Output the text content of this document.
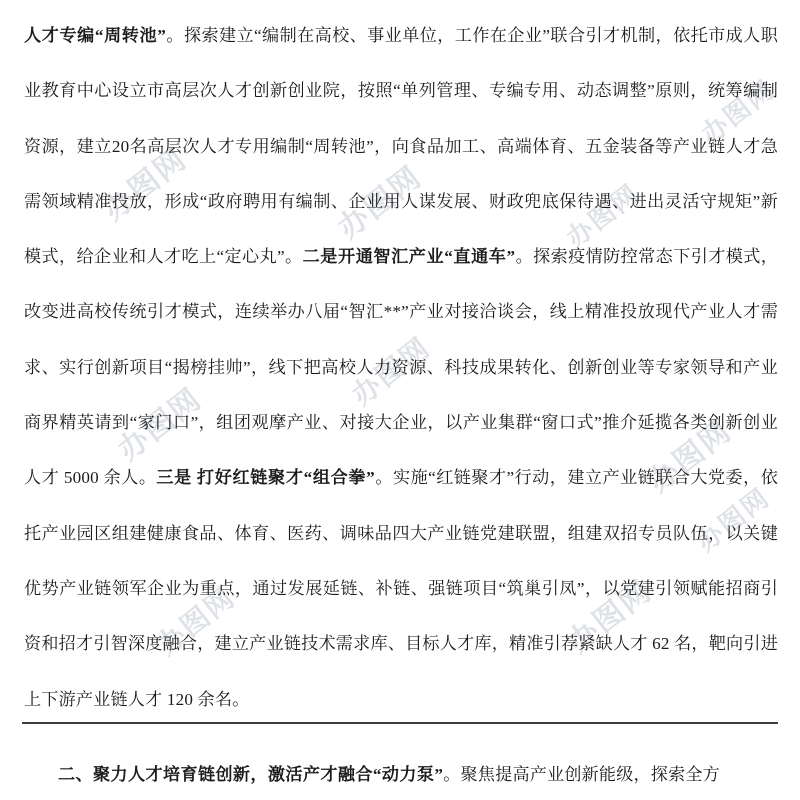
办图网	办图网	办图网
办图网
办图网
办图网
办图网
办图网	办图网
办图网

人才专编“周转池”。探索建立“编制在高校、事业单位，工作在企业”联合引才机制，依托市成人职业教育中心设立市高层次人才创新创业院，按照“单列管理、专编专用、动态调整”原则，统筹编制资源，建立20名高层次人才专用编制“周转池”，向食品加工、高端体育、五金装备等产业链人才急需领域精准投放，形成“政府聘用有编制、企业用人谋发展、财政兜底保待遇、进出灵活守规矩”新模式，给企业和人才吃上“定心丸”。二是开通智汇产业“直通车”。探索疫情防控常态下引才模式，改变进高校传统引才模式，连续举办八届“智汇**”产业对接洽谈会，线上精准投放现代产业人才需求、实行创新项目“揭榜挂帅”，线下把高校人力资源、科技成果转化、创新创业等专家领导和产业商界精英请到“家门口”，组团观摩产业、对接大企业，以产业集群“窗口式”推介延揽各类创新创业人才 5000 余人。三是 打好红链聚才“组合拳”。实施“红链聚才”行动，建立产业链联合大党委，依托产业园区组建健康食品、体育、医药、调味品四大产业链党建联盟，组建双招专员队伍，以关键优势产业链领军企业为重点，通过发展延链、补链、强链项目“筑巢引凤”，以党建引领赋能招商引资和招才引智深度融合，建立产业链技术需求库、目标人才库，精准引荐紧缺人才 62 名，靶向引进上下游产业链人才 120 余名。

二、聚力人才培育链创新，激活产才融合“动力泵”。聚焦提高产业创新能级，探索全方
